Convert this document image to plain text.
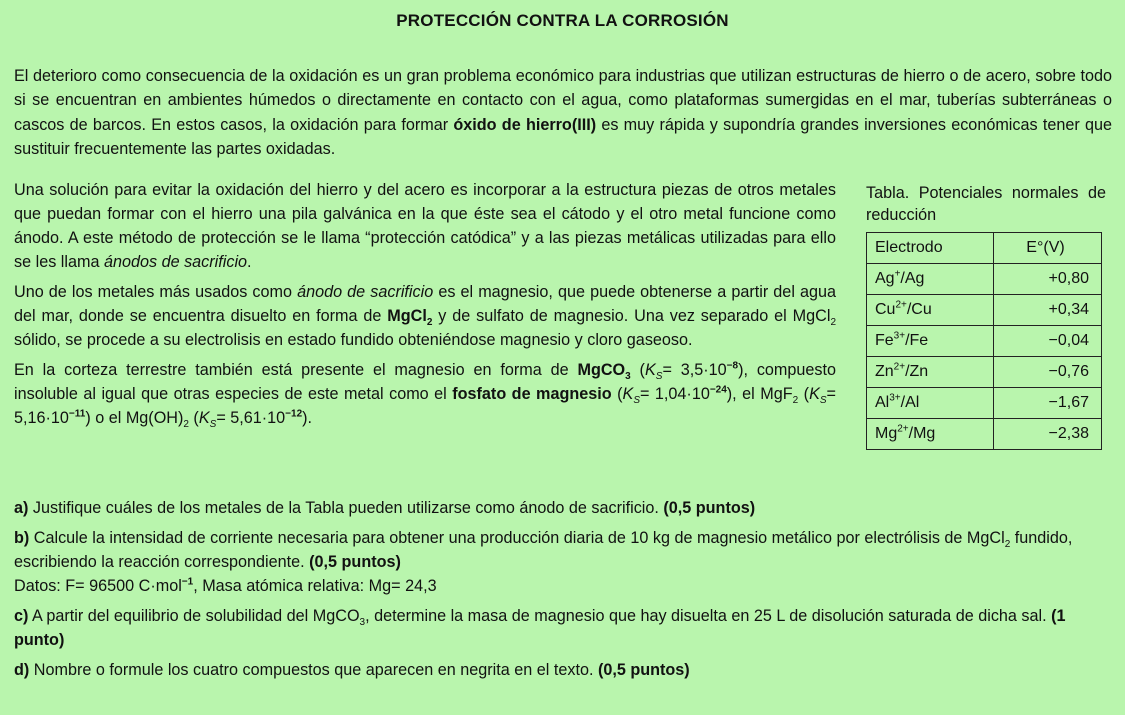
PROTECCIÓN CONTRA LA CORROSIÓN

El deterioro como consecuencia de la oxidación es un gran problema económico para industrias que utilizan estructuras de hierro o de acero, sobre todo si se encuentran en ambientes húmedos o directamente en contacto con el agua, como plataformas sumergidas en el mar, tuberías subterráneas o cascos de barcos. En estos casos, la oxidación para formar óxido de hierro(III) es muy rápida y supondría grandes inversiones económicas tener que sustituir frecuentemente las partes oxidadas.

Una solución para evitar la oxidación del hierro y del acero es incorporar a la estructura piezas de otros metales que puedan formar con el hierro una pila galvánica en la que éste sea el cátodo y el otro metal funcione como ánodo. A este método de protección se le llama “protección catódica” y a las piezas metálicas utilizadas para ello se les llama ánodos de sacrificio.

Uno de los metales más usados como ánodo de sacrificio es el magnesio, que puede obtenerse a partir del agua del mar, donde se encuentra disuelto en forma de MgCl$_2$ y de sulfato de magnesio. Una vez separado el MgCl$_2$ sólido, se procede a su electrolisis en estado fundido obteniéndose magnesio y cloro gaseoso.

En la corteza terrestre también está presente el magnesio en forma de MgCO$_3$ $(K_S= 3,5\cdot 10^{-8})$, compuesto insoluble al igual que otras especies de este metal como el fosfato de magnesio $(K_S= 1,04\cdot 10^{-24})$, el MgF$_2$ $(K_S= 5,16\cdot 10^{-11})$ o el $Mg(OH)_2$ $(K_S= 5,61\cdot 10^{-12})$.

Tabla. Potenciales normales de reducción
Electrodo	E°(V)
Ag+/Ag	+0,80
$Cu^{2+}/Cu$	+0,34
$Fe^{3+}/Fe$	−0,04
$Zn^{2+}/Zn$	−0,76
$Al^{3+}/Al$	−1,67
$Mg^{2+}/Mg$	−2,38

a) Justifique cuáles de los metales de la Tabla pueden utilizarse como ánodo de sacrificio. (0,5 puntos)

b) Calcule la intensidad de corriente necesaria para obtener una producción diaria de 10 kg de magnesio metálico por electrólisis de MgCl$_2$ fundido, escribiendo la reacción correspondiente. (0,5 puntos)

Datos: F= 96500 C·mol$^{-1}$, Masa atómica relativa: Mg= 24,3

c) A partir del equilibrio de solubilidad del MgCO$_3$, determine la masa de magnesio que hay disuelta en 25 L de disolución saturada de dicha sal. (1 punto)

d) Nombre o formule los cuatro compuestos que aparecen en negrita en el texto. (0,5 puntos)
